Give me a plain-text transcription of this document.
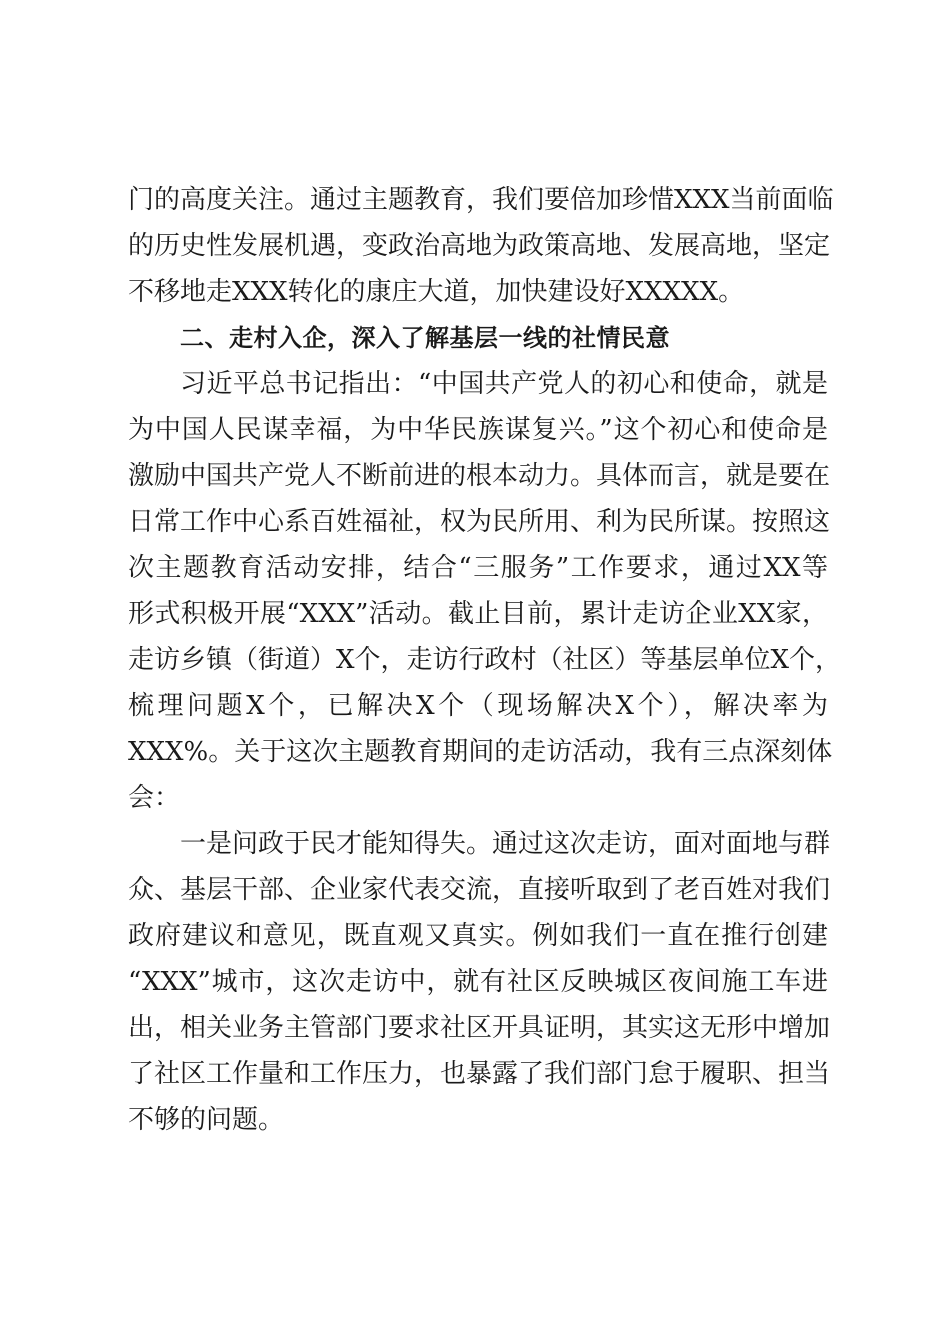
门的高度关注。通过主题教育，我们要倍加珍惜XXX当前面临
的历史性发展机遇，变政治高地为政策高地、发展高地，坚定
不移地走XXX转化的康庄大道，加快建设好XXXXX。
二、走村入企，深入了解基层一线的社情民意
习近平总书记指出：“中国共产党人的初心和使命，就是
为中国人民谋幸福，为中华民族谋复兴。”这个初心和使命是
激励中国共产党人不断前进的根本动力。具体而言，就是要在
日常工作中心系百姓福祉，权为民所用、利为民所谋。按照这
次主题教育活动安排，结合“三服务”工作要求，通过XX等
形式积极开展“XXX”活动。截止目前，累计走访企业XX家，
走访乡镇（街道）X个，走访行政村（社区）等基层单位X个，
梳理问题X个，已解决X个（现场解决X个），解决率为
XXX%。关于这次主题教育期间的走访活动，我有三点深刻体
会：
一是问政于民才能知得失。通过这次走访，面对面地与群
众、基层干部、企业家代表交流，直接听取到了老百姓对我们
政府建议和意见，既直观又真实。例如我们一直在推行创建
“XXX”城市，这次走访中，就有社区反映城区夜间施工车进
出，相关业务主管部门要求社区开具证明，其实这无形中增加
了社区工作量和工作压力，也暴露了我们部门怠于履职、担当
不够的问题。
